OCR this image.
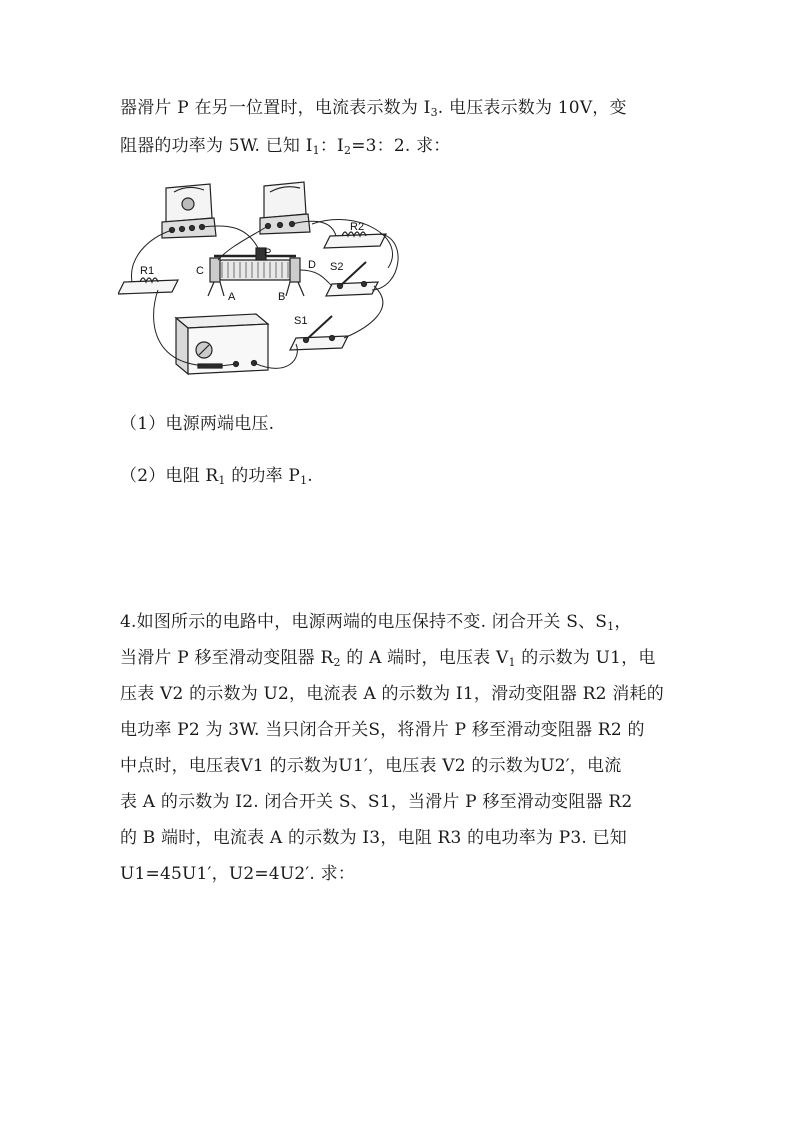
器滑片 P 在另一位置时，电流表示数为 $I_3$. 电压表示数为 10V，变
阻器的功率为 5W. 已知 $I_1$：$I_2=3$：2. 求：
R2
R1	C
P
D
A	B
S2
S1
（1）电源两端电压.
（2）电阻 $R_1$ 的功率 $P_1$.
4.如图所示的电路中，电源两端的电压保持不变. 闭合开关 S、$S_1$，
当滑片 P 移至滑动变阻器 $R_2$ 的 A 端时，电压表 $V_1$ 的示数为 U1，电
压表 V2 的示数为 U2，电流表 A 的示数为 I1，滑动变阻器 R2 消耗的
电功率 P2 为 3W. 当只闭合开关S，将滑片 P 移至滑动变阻器 R2 的
中点时，电压表V1 的示数为U1′，电压表 V2 的示数为U2′，电流
表 A 的示数为 I2. 闭合开关 S、S1，当滑片 P 移至滑动变阻器 R2
的 B 端时，电流表 A 的示数为 I3，电阻 R3 的电功率为 P3. 已知
U1=45U1′，U2=4U2′. 求：
